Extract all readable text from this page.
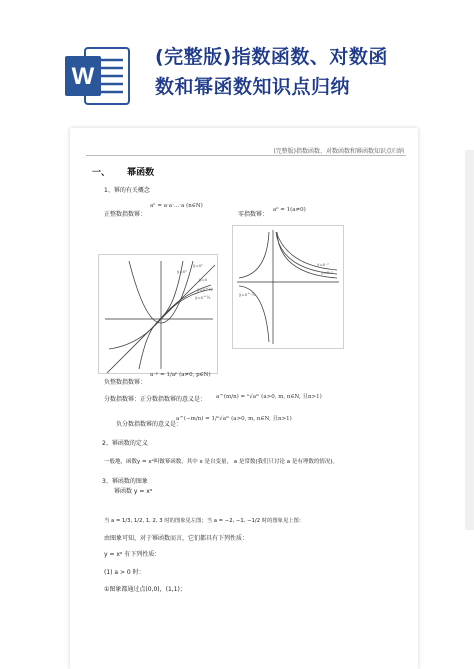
W
(完整版)指数函数、对数函
数和幂函数知识点归纳
(完整版)指数函数、对数函数和幂函数知识点归纳
一、 幂函数
1、幂的有关概念
正整数指数幂：
aⁿ = a·a·…·a (n∈N)
零指数幂：
a⁰ = 1(a≠0)
y=x³
y=x²
y=x
y=x^½
y=x^⅓
y=x⁻²
y=x⁻¹
y=x^-½
负整数指数幂：
a⁻ᵖ = 1/aᵖ (a≠0, p∈N)
分数指数幂：正分数指数幂的意义是： a^(m/n) = ⁿ√aᵐ (a>0, m, n∈N, 且n>1)
负分数指数幂的意义是：
a^(−m/n) = 1/ⁿ√aᵐ (a>0, m, n∈N, 且n>1)
2、幂函数的定义
一般地，函数y = xᵃ叫做幂函数，其中 x 是自变量， a 是常数(我们只讨论 a 是有理数的情况)。
3、幂函数的图象
幂函数 y = xᵃ
当 a = 1/3, 1/2, 1, 2, 3 时的图象见左图；当 a = −2, −1, −1/2 时的图象见上图：
由图象可知，对于幂函数而言，它们都具有下列性质：
y = xᵃ 有下列性质：
(1) a > 0 时：
①图象都通过点(0,0)，(1,1)；
